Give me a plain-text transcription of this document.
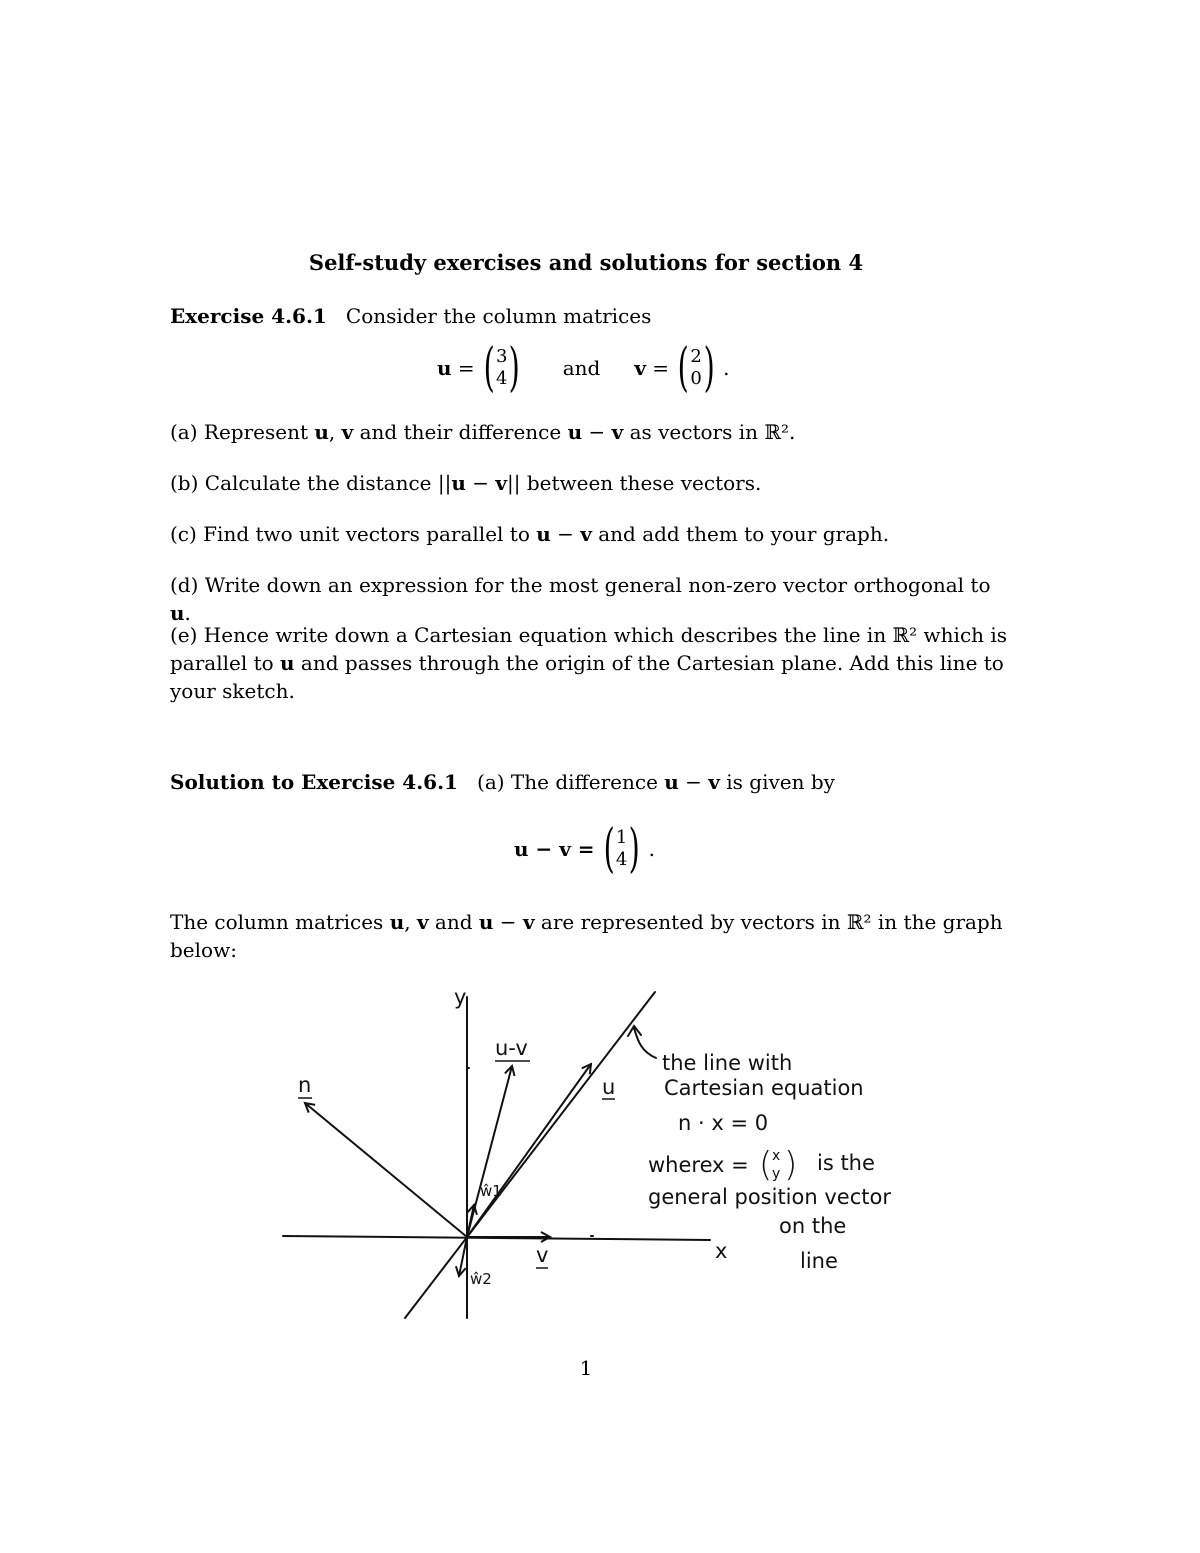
Self-study exercises and solutions for section 4
Exercise 4.6.1 Consider the column matrices
u = ( 3
4 ) and v = ( 2
0 ) .
(a) Represent u, v and their difference u − v as vectors in ℝ².
(b) Calculate the distance ||u − v|| between these vectors.
(c) Find two unit vectors parallel to u − v and add them to your graph.
(d) Write down an expression for the most general non-zero vector orthogonal to u.
(e) Hence write down a Cartesian equation which describes the line in ℝ² which is parallel to u and passes through the origin of the Cartesian plane. Add this line to your sketch.
Solution to Exercise 4.6.1 (a) The difference u − v is given by
u − v = ( 1
4 ) .
The column matrices u, v and u − v are represented by vectors in ℝ² in the graph below:
y
x
u
v
u-v
n
ŵ1
ŵ2
the line with
Cartesian equation
n · x = 0
where x = ( x
y ) is the
general position vector
on the
line
1
